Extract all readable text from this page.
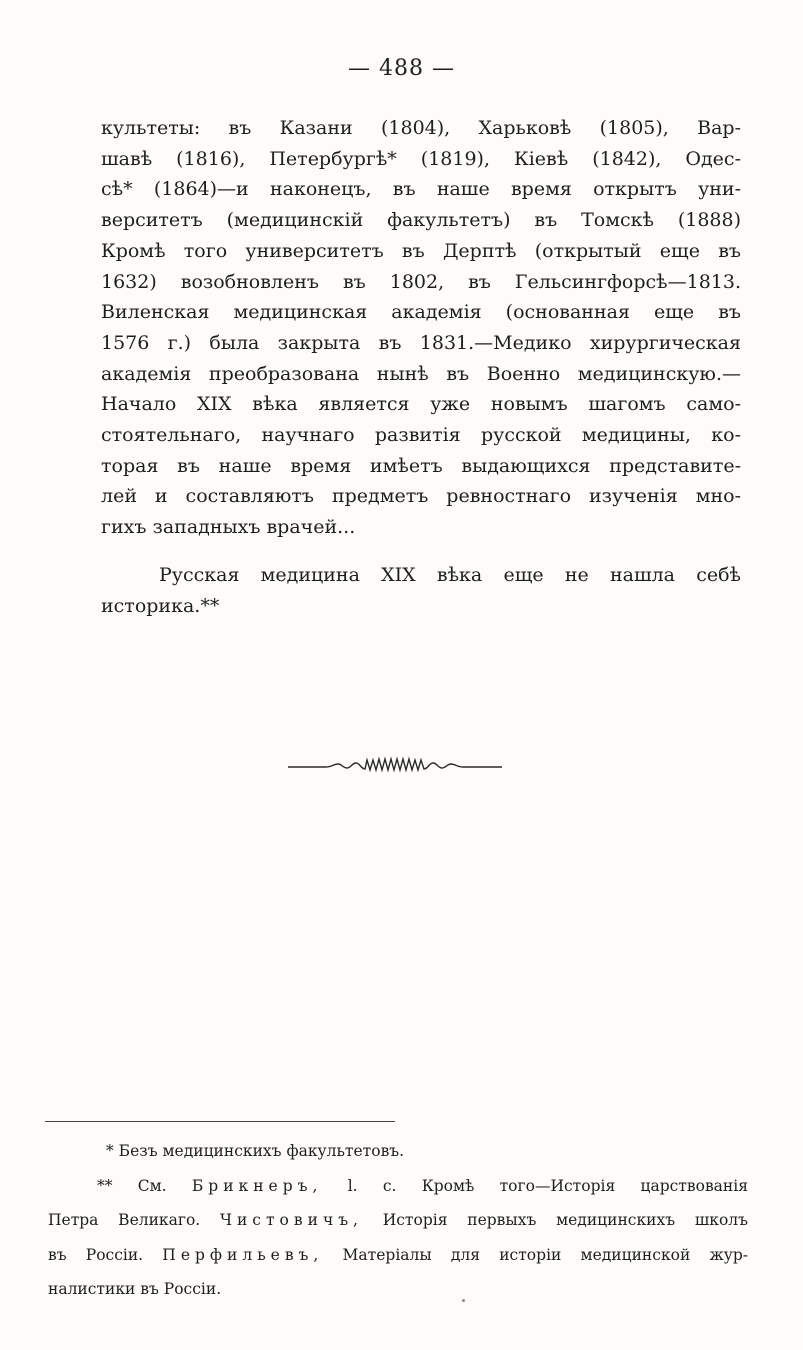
— 488 —
культеты: въ Казани (1804), Харьковѣ (1805), Вар-
шавѣ (1816), Петербургѣ* (1819), Кіевѣ (1842), Одес-
сѣ* (1864)—и наконецъ, въ наше время открытъ уни-
верситетъ (медицинскій факультетъ) въ Томскѣ (1888)
Кромѣ того университетъ въ Дерптѣ (открытый еще въ
1632) возобновленъ въ 1802, въ Гельсингфорсѣ—1813.
Виленская медицинская академія (основанная еще въ
1576 г.) была закрыта въ 1831.—Медико хирургическая
академія преобразована нынѣ въ Военно медицинскую.—
Начало XIX вѣка является уже новымъ шагомъ само-
стоятельнаго, научнаго развитія русской медицины, ко-
торая въ наше время имѣетъ выдающихся представите-
лей и составляютъ предметъ ревностнаго изученія мно-
гихъ западныхъ врачей...
Русская медицина XIX вѣка еще не нашла себѣ
историка.**
* Безъ медицинскихъ факультетовъ.
** См. Брикнеръ, l. c. Кромѣ того—Исторія царствованія
Петра Великаго. Чистовичъ, Исторія первыхъ медицинскихъ школъ
въ Россіи. Перфильевъ, Матеріалы для исторіи медицинской жур-
налистики въ Россіи.
